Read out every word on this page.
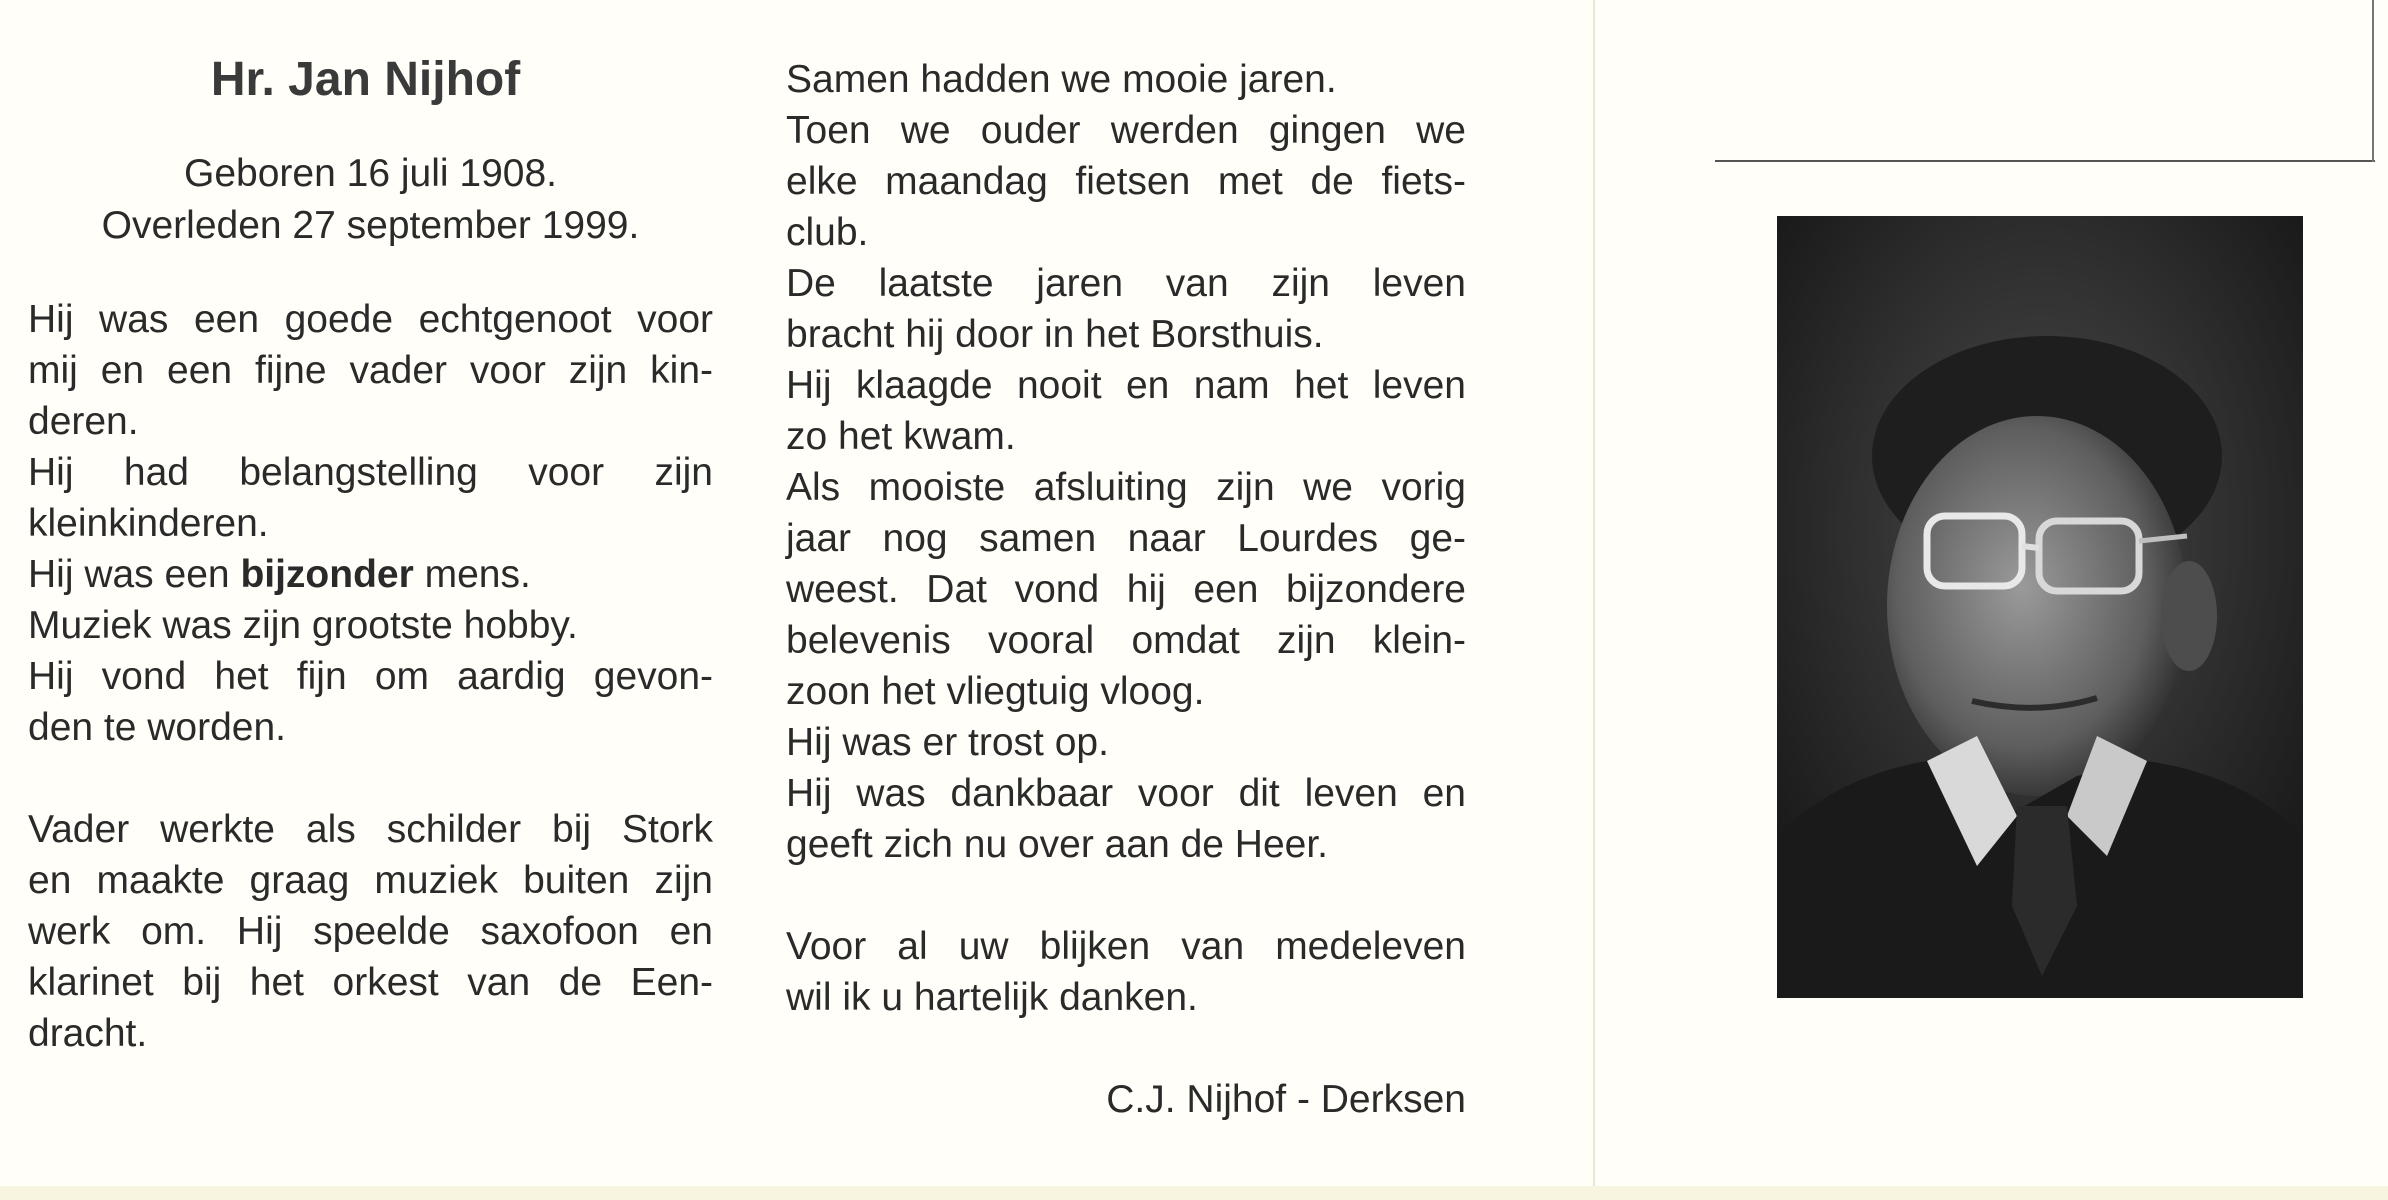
Hr. Jan Nijhof
Geboren 16 juli 1908.
Overleden 27 september 1999.
Hij was een goede echtgenoot voor
mij en een fijne vader voor zijn kin-
deren.
Hij had belangstelling voor zijn
kleinkinderen.
Hij was een bijzonder mens.
Muziek was zijn grootste hobby.
Hij vond het fijn om aardig gevon-
den te worden.
Vader werkte als schilder bij Stork
en maakte graag muziek buiten zijn
werk om. Hij speelde saxofoon en
klarinet bij het orkest van de Een-
dracht.
Samen hadden we mooie jaren.
Toen we ouder werden gingen we
elke maandag fietsen met de fiets-
club.
De laatste jaren van zijn leven
bracht hij door in het Borsthuis.
Hij klaagde nooit en nam het leven
zo het kwam.
Als mooiste afsluiting zijn we vorig
jaar nog samen naar Lourdes ge-
weest. Dat vond hij een bijzondere
belevenis vooral omdat zijn klein-
zoon het vliegtuig vloog.
Hij was er trost op.
Hij was dankbaar voor dit leven en
geeft zich nu over aan de Heer.
Voor al uw blijken van medeleven
wil ik u hartelijk danken.
C.J. Nijhof - Derksen
